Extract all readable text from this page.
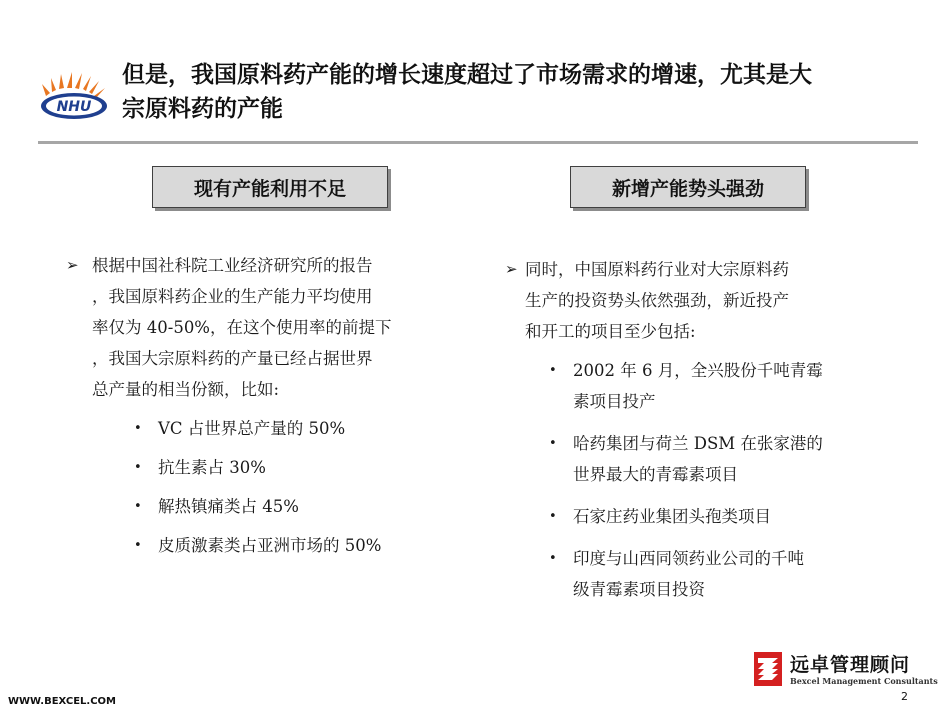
NHU
但是，我国原料药产能的增长速度超过了市场需求的增速，尤其是大
宗原料药的产能
现有产能利用不足	新增产能势头强劲
➢ 根据中国社科院工业经济研究所的报告
，我国原料药企业的生产能力平均使用
率仅为 40-50%，在这个使用率的前提下
，我国大宗原料药的产量已经占据世界
总产量的相当份额，比如:
• VC 占世界总产量的 50%
• 抗生素占 30%
• 解热镇痛类占 45%
• 皮质激素类占亚洲市场的 50%
➢ 同时，中国原料药行业对大宗原料药
生产的投资势头依然强劲，新近投产
和开工的项目至少包括:
• 2002 年 6 月，全兴股份千吨青霉
素项目投产
• 哈药集团与荷兰 DSM 在张家港的
世界最大的青霉素项目
• 石家庄药业集团头孢类项目
• 印度与山西同领药业公司的千吨
级青霉素项目投资
WWW.BEXCEL.COM
远卓管理顾问
Bexcel Management Consultants
2
